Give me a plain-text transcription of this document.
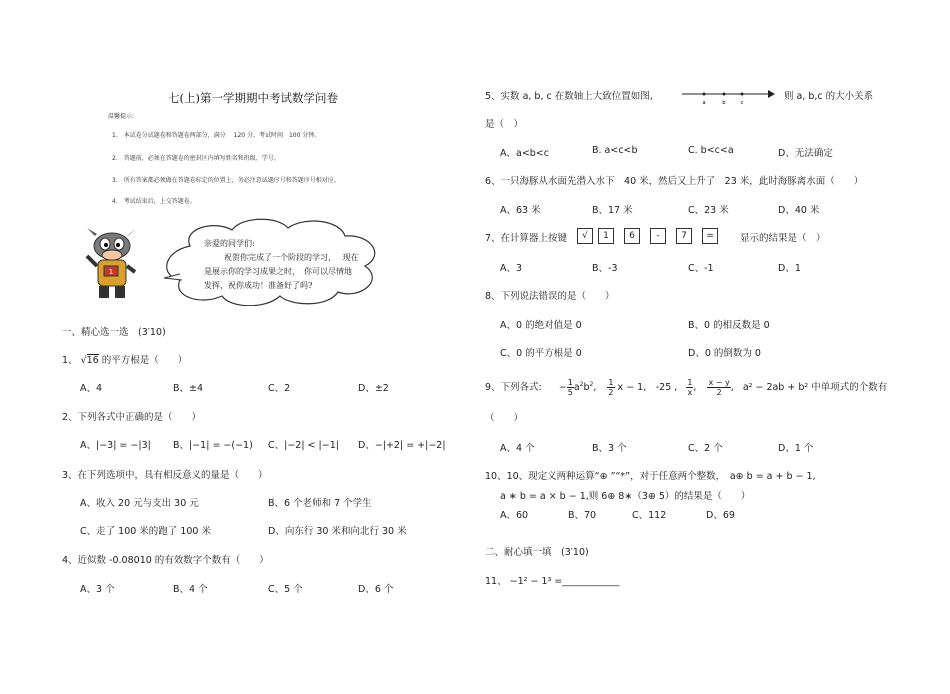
七(上)第一学期期中考试数学问卷
温馨提示:
1.　本试卷分试题卷和答题卷两部分，满分　 120 分，考试时间　100 分钟。
2.　答题前，必须在答题卷的密封区内填写姓名和班级、学号。
3.　所有答案都必须做在答题卷标定的位置上，务必注意试题序号和答题序号相对应。
4.　考试结束后，上交答题卷。
1
亲爱的同学们:
祝贺你完成了一个阶段的学习，　 现在
是展示你的学习成果之时，　你可以尽情地
发挥，祝你成功！准备好了吗?
一、精心选一选　(3′10)
1、 √16 的平方根是（　　）
A、4	B、±4	C、2	D、±2
2、下列各式中正确的是（　　）
A、|−3| = −|3| B、|−1| = −(−1) C、|−2| < |−1| D、−|+2| = +|−2|
3、在下列选项中，具有相反意义的量是（　　）
A、收入 20 元与支出 30 元	B、6 个老师和 7 个学生
C、走了 100 米的跑了 100 米	D、向东行 30 米和向北行 30 米
4、近似数 -0.08010 的有效数字个数有（　　）
A、3 个	B、4 个	C、5 个	D、6 个
5、实数 a, b, c 在数轴上大致位置如图,
a	b	c
则 a, b,c 的大小关系
是（　）
A、a<b<c	B. a<c<b	C. b<c<a	D、无法确定
6、一只海豚从水面先潜入水下　40 米，然后又上升了　23 米，此时海豚离水面（　　）
A、63 米	B、17 米	C、23 米	D、40 米
7、在计算器上按键	√	1	6	-	7	=	显示的结果是（　）
A、3	B、-3	C、-1	D、1
8、下列说法错误的是（　　）
A、0 的绝对值是 0	B、0 的相反数是 0
C、0 的平方根是 0	D、0 的倒数为 0
9、下列各式: − $\frac{1}{5} a^2b^2$, $\frac{1}{2}$ x − 1,　-25 , $\frac{1}{x}$ , $\frac{x - y}{2}$ , a² − 2ab + b² 中单项式的个数有
（　　）
A、4 个	B、3 个	C、2 个	D、1 个
10、10、现定义两种运算“⊕ ”“*”，对于任意两个整数，　a⊕ b = a + b − 1,
a ∗ b = a × b − 1,则 6⊕ 8∗（3⊕ 5）的结果是（　　）
A、60	B、70	C、112	D、69
二、耐心填一填　(3′10)
11、 −1² − 1³ =____________
